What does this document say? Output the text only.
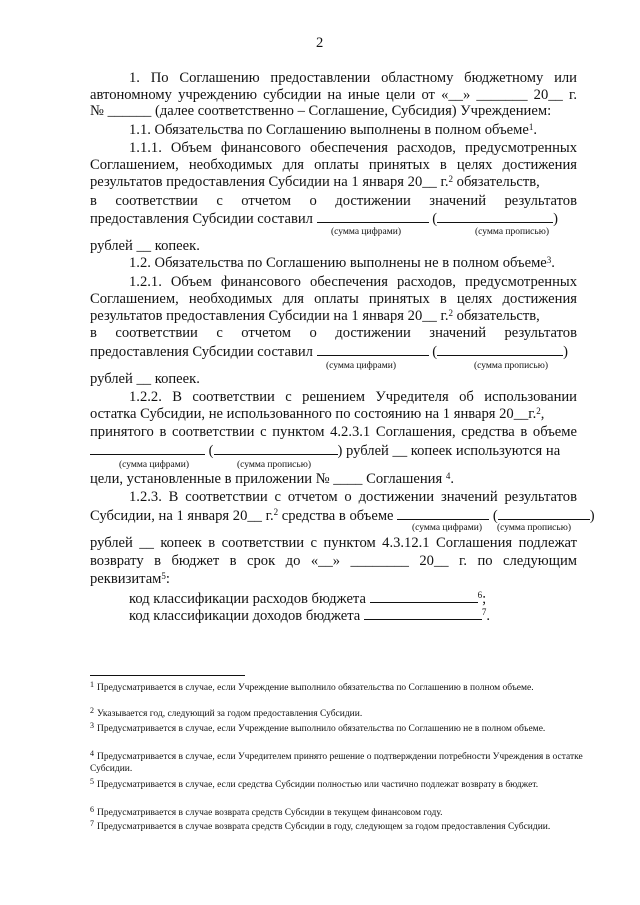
2
1. По Соглашению предоставлении областному бюджетному или
автономному учреждению субсидии на иные цели от «__» _______ 20__ г.
№ ______ (далее соответственно – Соглашение, Субсидия) Учреждением:
1.1. Обязательства по Соглашению выполнены в полном объеме$^1$.
1.1.1. Объем финансового обеспечения расходов, предусмотренных
Соглашением, необходимых для оплаты принятых в целях достижения
результатов предоставления Субсидии на 1 января 20__ г.$^2$ обязательств,
в соответствии с отчетом о достижении значений результатов
предоставления Субсидии составил	(	)
(сумма цифрами)	(сумма прописью)
рублей __ копеек.
1.2. Обязательства по Соглашению выполнены не в полном объеме$^3$.
1.2.1. Объем финансового обеспечения расходов, предусмотренных
Соглашением, необходимых для оплаты принятых в целях достижения
результатов предоставления Субсидии на 1 января 20__ г.$^2$ обязательств,
в соответствии с отчетом о достижении значений результатов
предоставления Субсидии составил	(	)
(сумма цифрами)	(сумма прописью)
рублей __ копеек.
1.2.2. В соответствии с решением Учредителя об использовании
остатка Субсидии, не использованного по состоянию на 1 января 20__г.$^2$,
принятого в соответствии с пунктом 4.2.3.1 Соглашения, средства в объеме
(	) рублей __ копеек используются на
(сумма цифрами)	(сумма прописью)
цели, установленные в приложении № ____ Соглашения $^4$.
1.2.3. В соответствии с отчетом о достижении значений результатов
Субсидии, на 1 января 20__ г.$^2$ средства в объеме	(	)
(сумма цифрами) (сумма прописью)
рублей __ копеек в соответствии с пунктом 4.3.12.1 Соглашения подлежат
возврату в бюджет в срок до «__» ________ 20__ г. по следующим
реквизитам$^5$:
код классификации расходов бюджета	$^6$;
код классификации доходов бюджета	$^7$.
$^1$ Предусматривается в случае, если Учреждение выполнило обязательства по Соглашению в полном объеме.
$^2$ Указывается год, следующий за годом предоставления Субсидии.
$^3$ Предусматривается в случае, если Учреждение выполнило обязательства по Соглашению не в полном объеме.
$^4$ Предусматривается в случае, если Учредителем принято решение о подтверждении потребности Учреждения в остатке Субсидии.
$^5$ Предусматривается в случае, если средства Субсидии полностью или частично подлежат возврату в бюджет.
$^6$ Предусматривается в случае возврата средств Субсидии в текущем финансовом году.
$^7$ Предусматривается в случае возврата средств Субсидии в году, следующем за годом предоставления Субсидии.
